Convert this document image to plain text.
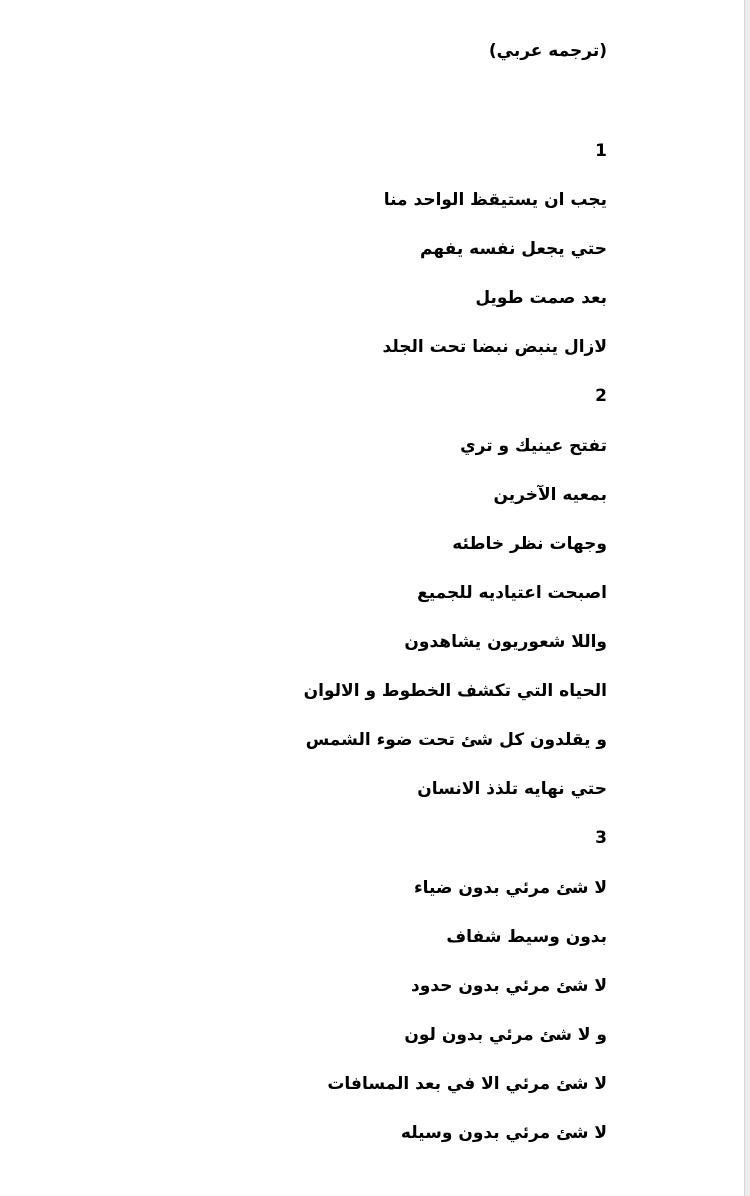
(ترجمه عربي)
1
يجب ان يستيقظ الواحد منا
حتي يجعل نفسه يفهم
بعد صمت طويل
لازال ينبض نبضا تحت الجلد
2
تفتح عينيك و تري
بمعيه الآخرين
وجهات نظر خاطئه
اصبحت اعتياديه للجميع
واللا شعوريون يشاهدون
الحياه التي تكشف الخطوط و الالوان
و يقلدون كل شئ تحت ضوء الشمس
حتي نهايه تلذذ الانسان
3
لا شئ مرئي بدون ضياء
بدون وسيط شفاف
لا شئ مرئي بدون حدود
و لا شئ مرئي بدون لون
لا شئ مرئي الا في بعد المسافات
لا شئ مرئي بدون وسيله
